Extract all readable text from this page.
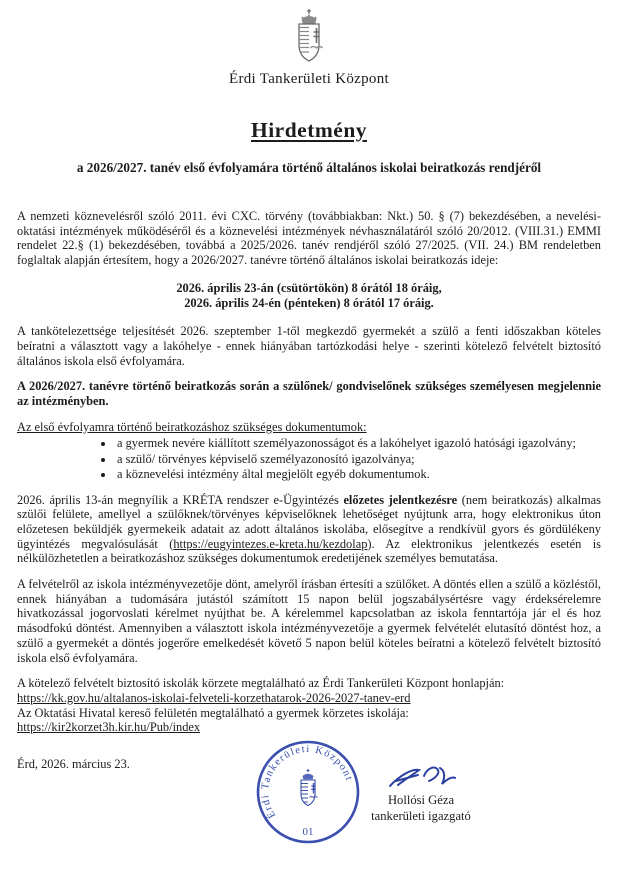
Érdi Tankerületi Központ
Hirdetmény
a 2026/2027. tanév első évfolyamára történő általános iskolai beiratkozás rendjéről

A nemzeti köznevelésről szóló 2011. évi CXC. törvény (továbbiakban: Nkt.) 50. § (7) bekezdésében, a nevelési-oktatási intézmények működéséről és a köznevelési intézmények névhasználatáról szóló 20/2012. (VIII.31.) EMMI rendelet 22.§ (1) bekezdésében, továbbá a 2025/2026. tanév rendjéről szóló 27/2025. (VII. 24.) BM rendeletben foglaltak alapján értesítem, hogy a 2026/2027. tanévre történő általános iskolai beiratkozás ideje:

2026. április 23-án (csütörtökön) 8 órától 18 óráig,
2026. április 24-én (pénteken) 8 órától 17 óráig.

A tankötelezettsége teljesítését 2026. szeptember 1-től megkezdő gyermekét a szülő a fenti időszakban köteles beíratni a választott vagy a lakóhelye - ennek hiányában tartózkodási helye - szerinti kötelező felvételt biztosító általános iskola első évfolyamára.

A 2026/2027. tanévre történő beiratkozás során a szülőnek/ gondviselőnek szükséges személyesen megjelennie az intézményben.

Az első évfolyamra történő beiratkozáshoz szükséges dokumentumok:

• a gyermek nevére kiállított személyazonosságot és a lakóhelyet igazoló hatósági igazolvány;
• a szülő/ törvényes képviselő személyazonosító igazolványa;
• a köznevelési intézmény által megjelölt egyéb dokumentumok.

2026. április 13-án megnyílik a KRÉTA rendszer e-Ügyintézés előzetes jelentkezésre (nem beiratkozás) alkalmas szülői felülete, amellyel a szülőknek/törvényes képviselőknek lehetőséget nyújtunk arra, hogy elektronikus úton előzetesen beküldjék gyermekeik adatait az adott általános iskolába, elősegítve a rendkívül gyors és gördülékeny ügyintézés megvalósulását (https://eugyintezes.e-kreta.hu/kezdolap). Az elektronikus jelentkezés esetén is nélkülözhetetlen a beiratkozáshoz szükséges dokumentumok eredetijének személyes bemutatása.

A felvételről az iskola intézményvezetője dönt, amelyről írásban értesíti a szülőket. A döntés ellen a szülő a közléstől, ennek hiányában a tudomására jutástól számított 15 napon belül jogszabálysértésre vagy érdeksérelemre hivatkozással jogorvoslati kérelmet nyújthat be. A kérelemmel kapcsolatban az iskola fenntartója jár el és hoz másodfokú döntést. Amennyiben a választott iskola intézményvezetője a gyermek felvételét elutasító döntést hoz, a szülő a gyermekét a döntés jogerőre emelkedését követő 5 napon belül köteles beíratni a kötelező felvételt biztosító iskola első évfolyamára.

A kötelező felvételt biztosító iskolák körzete megtalálható az Érdi Tankerületi Központ honlapján:

https://kk.gov.hu/altalanos-iskolai-felveteli-korzethatarok-2026-2027-tanev-erd

Az Oktatási Hivatal kereső felületén megtalálható a gyermek körzetes iskolája:

https://kir2korzet3h.kir.hu/Pub/index

Érd, 2026. március 23.
Érdi Tankerületi Központ
01
Hollósi Géza
tankerületi igazgató
